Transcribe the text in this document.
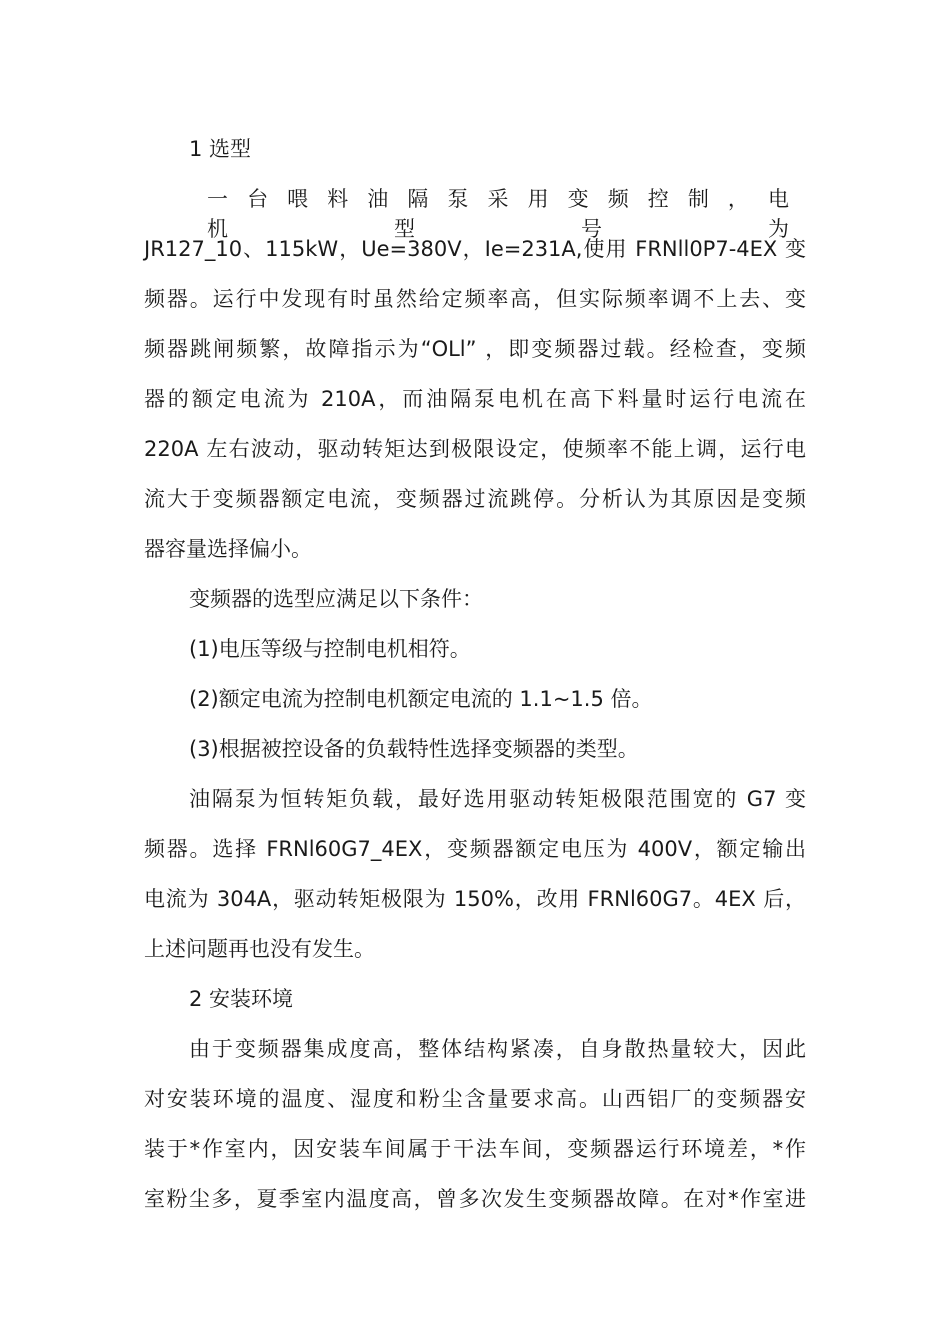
1 选型
一台喂料油隔泵采用变频控制，电机型号为
JR127_10、115kW，Ue=380V，Ie=231A,使用 FRNll0P7-4EX 变
频器。运行中发现有时虽然给定频率高，但实际频率调不上去、变
频器跳闸频繁，故障指示为“OLl” ，即变频器过载。经检查，变频
器的额定电流为 210A，而油隔泵电机在高下料量时运行电流在
220A 左右波动，驱动转矩达到极限设定，使频率不能上调，运行电
流大于变频器额定电流，变频器过流跳停。分析认为其原因是变频
器容量选择偏小。
变频器的选型应满足以下条件：
(1)电压等级与控制电机相符。
(2)额定电流为控制电机额定电流的 1.1~1.5 倍。
(3)根据被控设备的负载特性选择变频器的类型。
油隔泵为恒转矩负载，最好选用驱动转矩极限范围宽的 G7 变
频器。选择 FRNl60G7_4EX，变频器额定电压为 400V，额定输出
电流为 304A，驱动转矩极限为 150%，改用 FRNl60G7。4EX 后，
上述问题再也没有发生。
2 安装环境
由于变频器集成度高，整体结构紧凑，自身散热量较大，因此
对安装环境的温度、湿度和粉尘含量要求高。山西铝厂的变频器安
装于*作室内，因安装车间属于干法车间，变频器运行环境差，*作
室粉尘多，夏季室内温度高，曾多次发生变频器故障。在对*作室进
